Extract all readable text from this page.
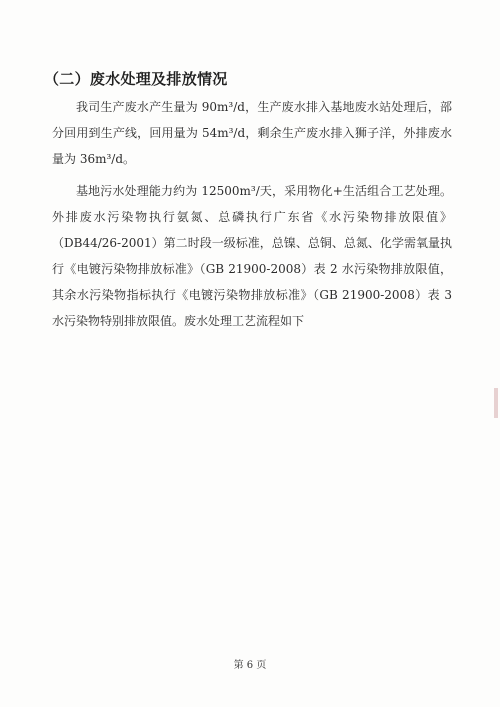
（二）废水处理及排放情况

我司生产废水产生量为 90m³/d，生产废水排入基地废水站处理后，部分回用到生产线，回用量为 54m³/d，剩余生产废水排入狮子洋，外排废水量为 36m³/d。

基地污水处理能力约为 12500m³/天，采用物化+生活组合工艺处理。外排废水污染物执行氨氮、总磷执行广东省《水污染物排放限值》（DB44/26-2001）第二时段一级标准，总镍、总铜、总氮、化学需氧量执行《电镀污染物排放标准》（GB 21900-2008）表 2 水污染物排放限值，其余水污染物指标执行《电镀污染物排放标准》（GB 21900-2008）表 3 水污染物特别排放限值。废水处理工艺流程如下

第 6 页
